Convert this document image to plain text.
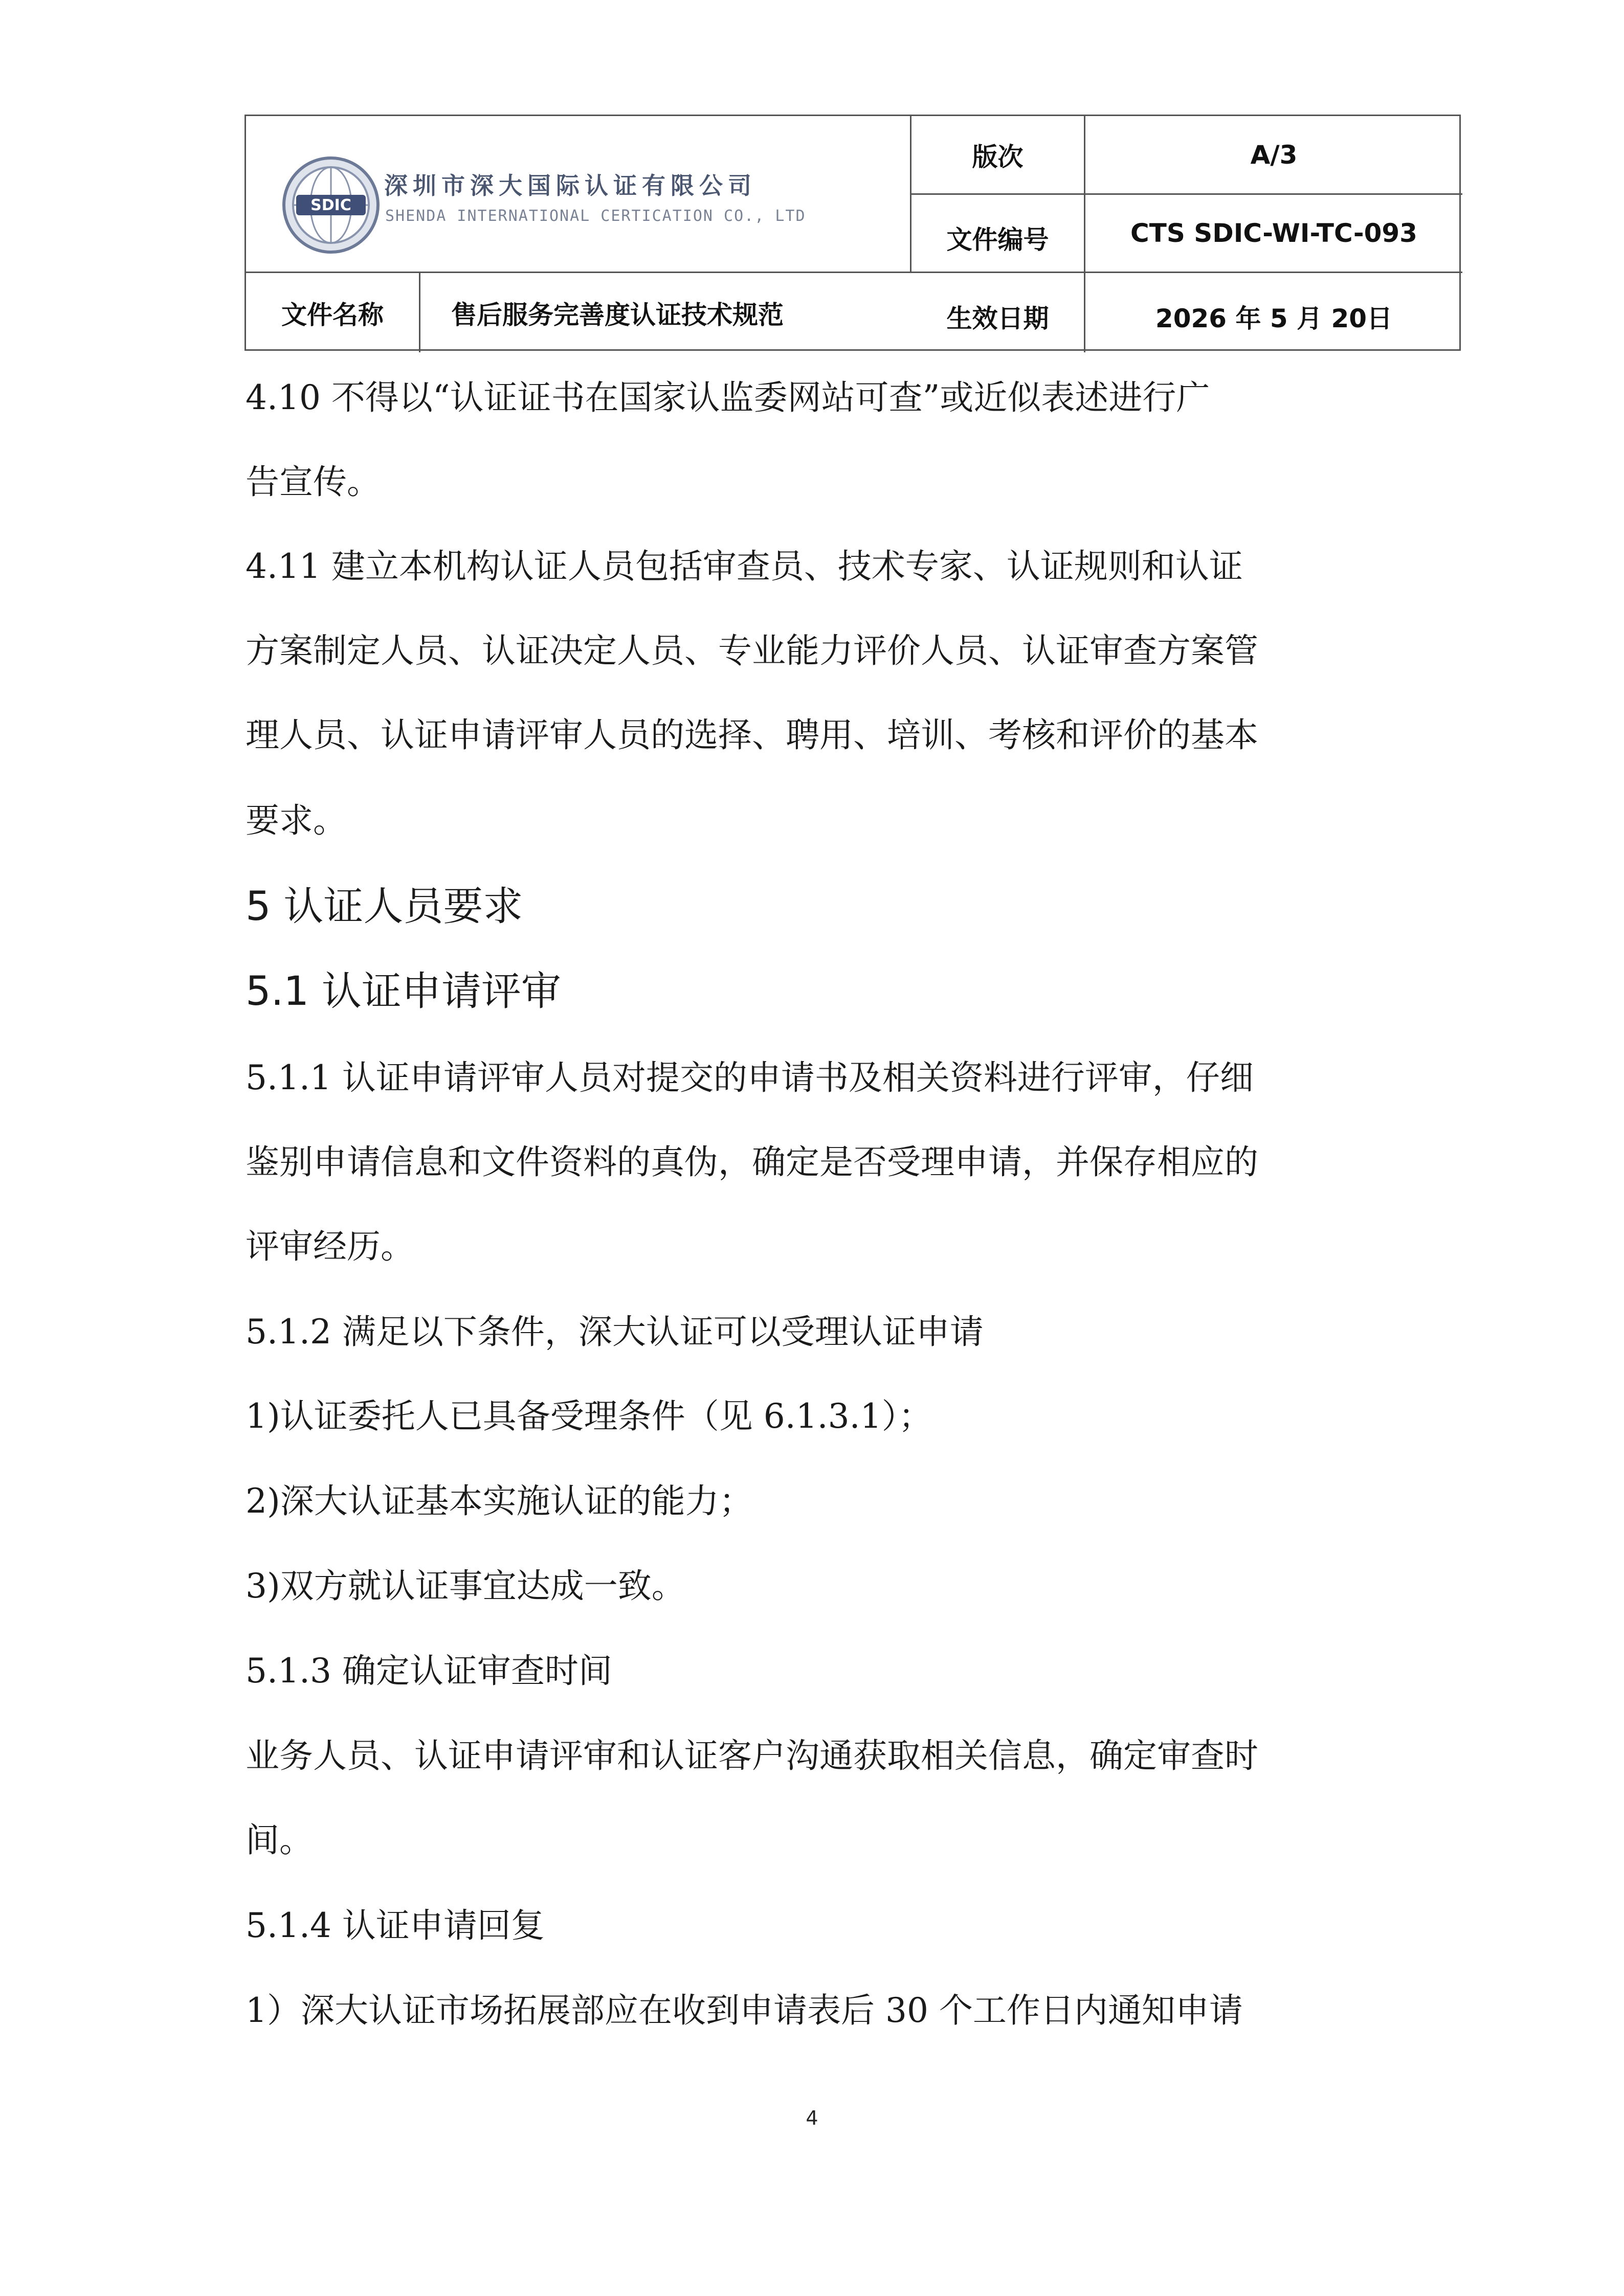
SDIC
深圳市深大国际认证有限公司
SHENDA INTERNATIONAL CERTICATION CO., LTD
版次	A/3
文件编号	CTS SDIC-WI-TC-093
文件名称	售后服务完善度认证技术规范	生效日期	2026 年 5 月 20日
4.10 不得以“认证证书在国家认监委网站可查”或近似表述进行广
告宣传。
4.11 建立本机构认证人员包括审查员、技术专家、认证规则和认证
方案制定人员、认证决定人员、专业能力评价人员、认证审查方案管
理人员、认证申请评审人员的选择、聘用、培训、考核和评价的基本
要求。
5 认证人员要求
5.1 认证申请评审
5.1.1 认证申请评审人员对提交的申请书及相关资料进行评审，仔细
鉴别申请信息和文件资料的真伪，确定是否受理申请，并保存相应的
评审经历。
5.1.2 满足以下条件，深大认证可以受理认证申请
1)认证委托人已具备受理条件（见 6.1.3.1）；
2)深大认证基本实施认证的能力；
3)双方就认证事宜达成一致。
5.1.3 确定认证审查时间
业务人员、认证申请评审和认证客户沟通获取相关信息，确定审查时
间。
5.1.4 认证申请回复
1）深大认证市场拓展部应在收到申请表后 30 个工作日内通知申请
4
